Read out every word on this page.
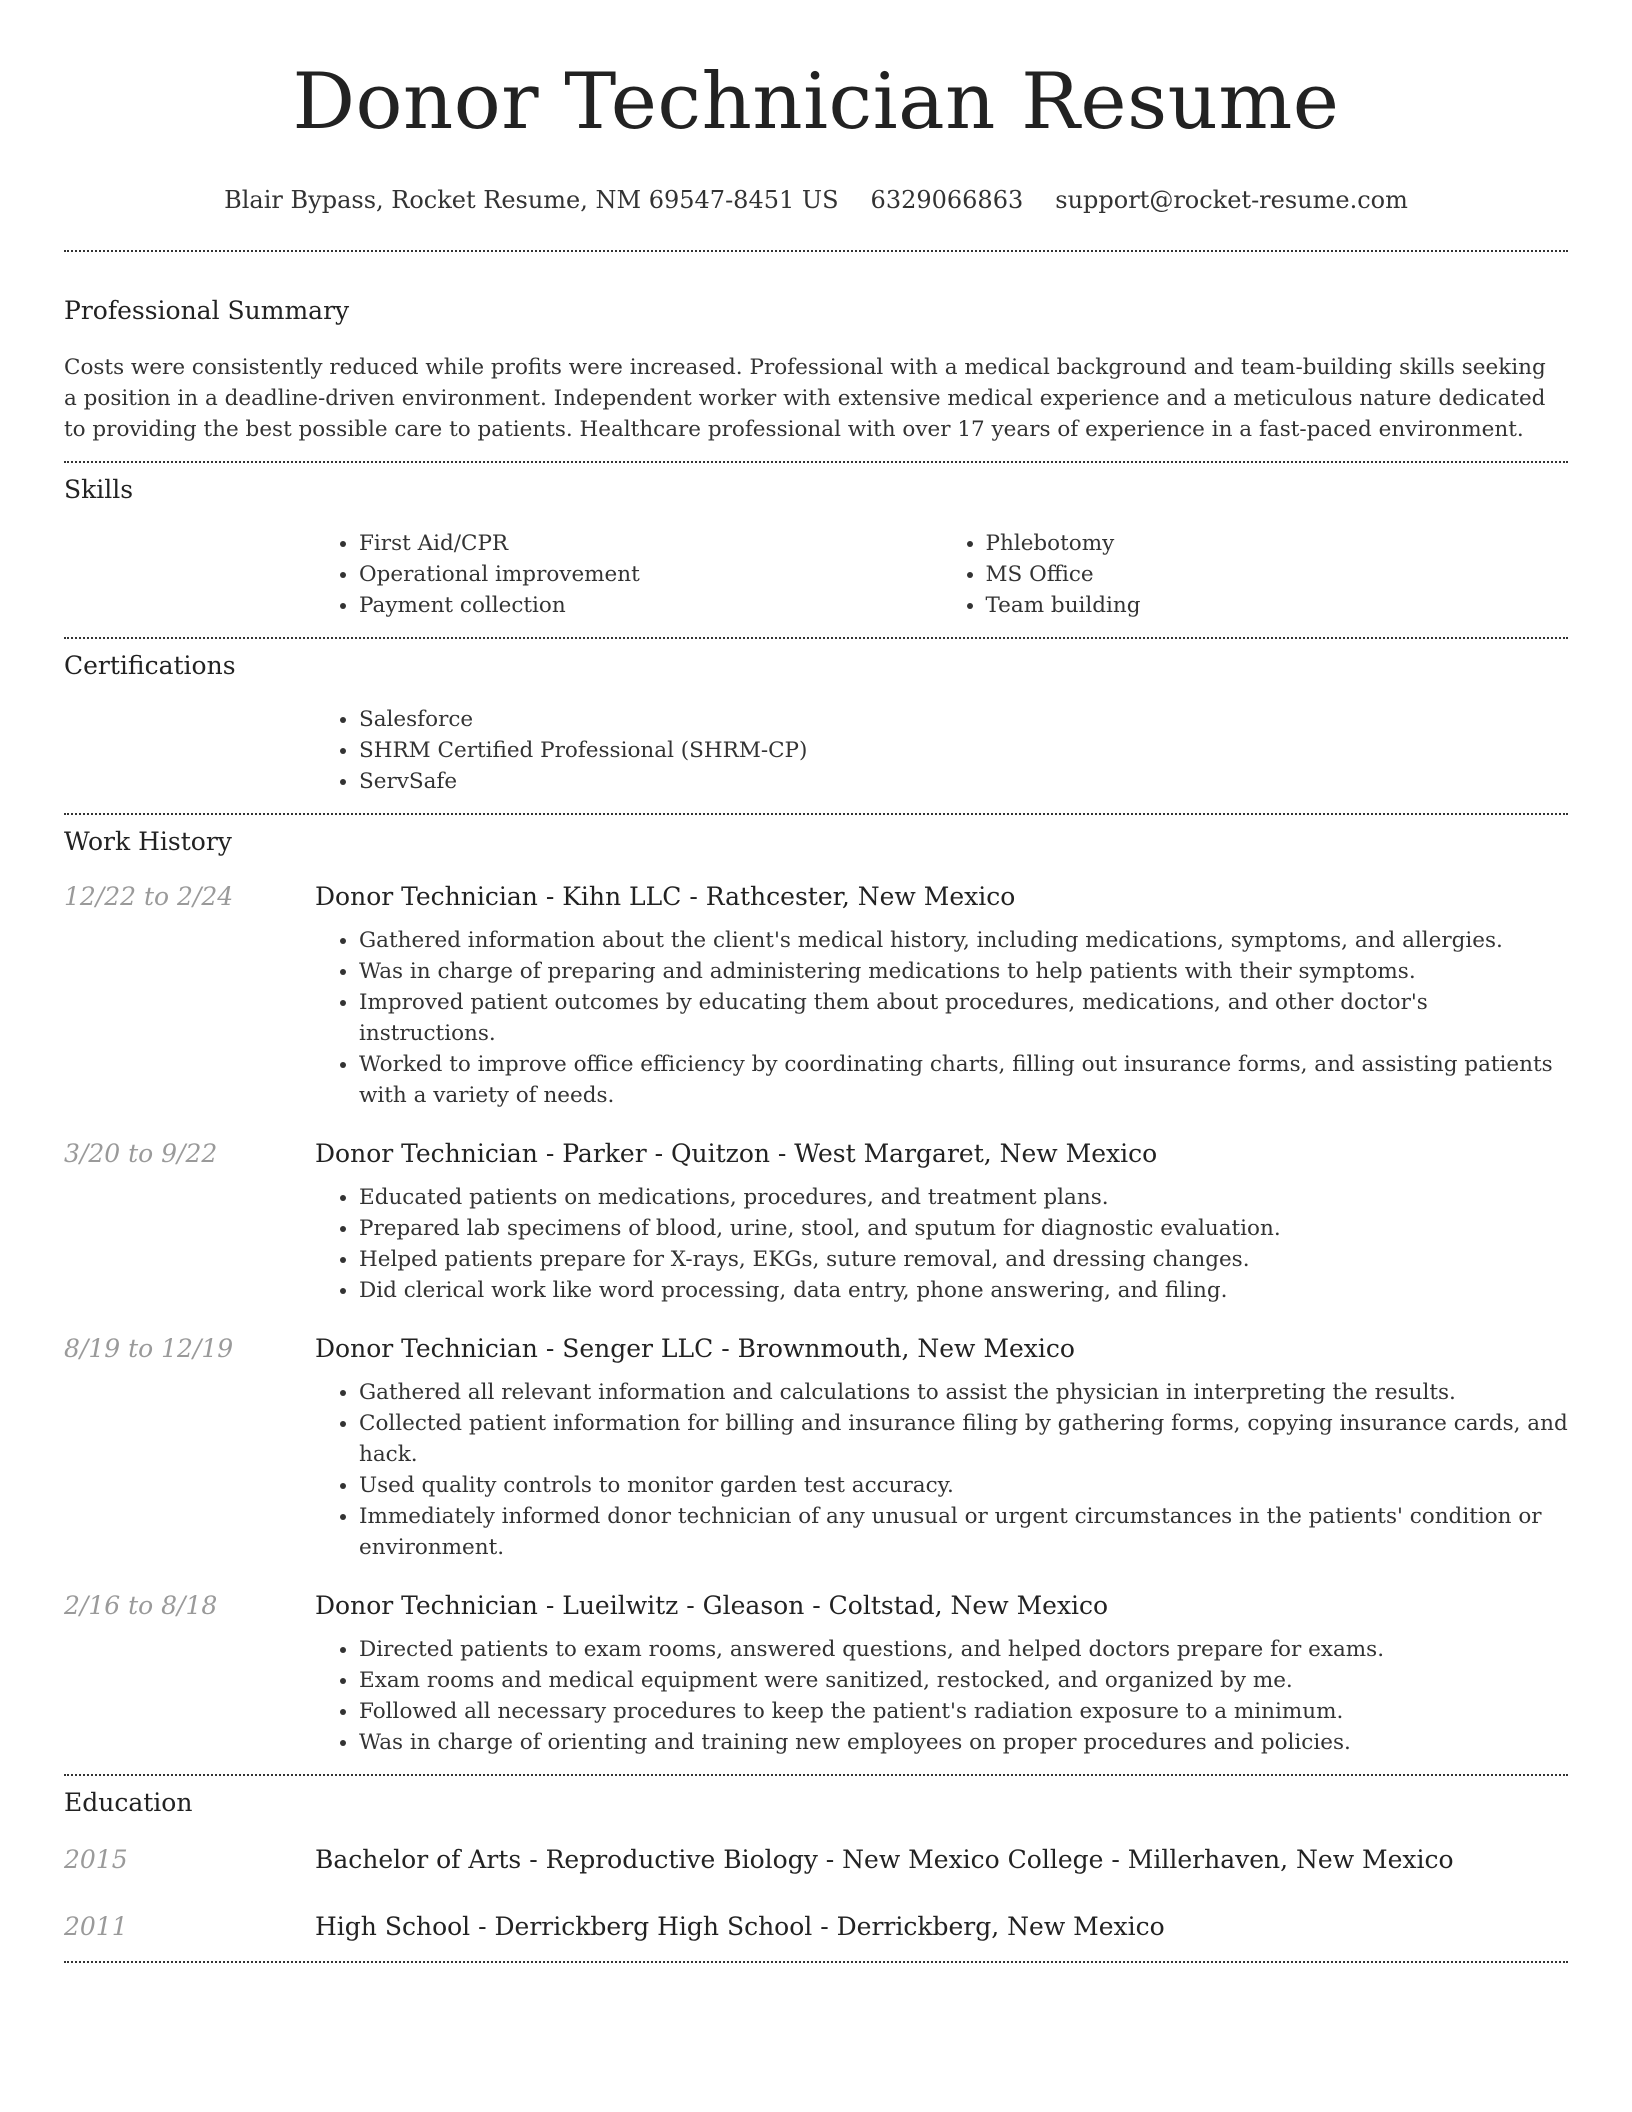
Donor Technician Resume
Blair Bypass, Rocket Resume, NM 69547-8451 US 6329066863 support@rocket-resume.com
Professional Summary

Costs were consistently reduced while profits were increased. Professional with a medical background and team-building skills seeking a position in a deadline-driven environment. Independent worker with extensive medical experience and a meticulous nature dedicated to providing the best possible care to patients. Healthcare professional with over 17 years of experience in a fast-paced environment.

Skills
• First Aid/CPR
• Operational improvement
• Payment collection
• Phlebotomy
• MS Office
• Team building
Certifications
• Salesforce
• SHRM Certified Professional (SHRM-CP)
• ServSafe
Work History
12/22 to 2/24	Donor Technician - Kihn LLC - Rathcester, New Mexico
• Gathered information about the client's medical history, including medications, symptoms, and allergies.
• Was in charge of preparing and administering medications to help patients with their symptoms.
• Improved patient outcomes by educating them about procedures, medications, and other doctor's instructions.
• Worked to improve office efficiency by coordinating charts, filling out insurance forms, and assisting patients with a variety of needs.
3/20 to 9/22	Donor Technician - Parker - Quitzon - West Margaret, New Mexico
• Educated patients on medications, procedures, and treatment plans.
• Prepared lab specimens of blood, urine, stool, and sputum for diagnostic evaluation.
• Helped patients prepare for X-rays, EKGs, suture removal, and dressing changes.
• Did clerical work like word processing, data entry, phone answering, and filing.
8/19 to 12/19	Donor Technician - Senger LLC - Brownmouth, New Mexico
• Gathered all relevant information and calculations to assist the physician in interpreting the results.
• Collected patient information for billing and insurance filing by gathering forms, copying insurance cards, and hack.
• Used quality controls to monitor garden test accuracy.
• Immediately informed donor technician of any unusual or urgent circumstances in the patients' condition or environment.
2/16 to 8/18	Donor Technician - Lueilwitz - Gleason - Coltstad, New Mexico
• Directed patients to exam rooms, answered questions, and helped doctors prepare for exams.
• Exam rooms and medical equipment were sanitized, restocked, and organized by me.
• Followed all necessary procedures to keep the patient's radiation exposure to a minimum.
• Was in charge of orienting and training new employees on proper procedures and policies.
Education
2015	Bachelor of Arts - Reproductive Biology - New Mexico College - Millerhaven, New Mexico
2011	High School - Derrickberg High School - Derrickberg, New Mexico
